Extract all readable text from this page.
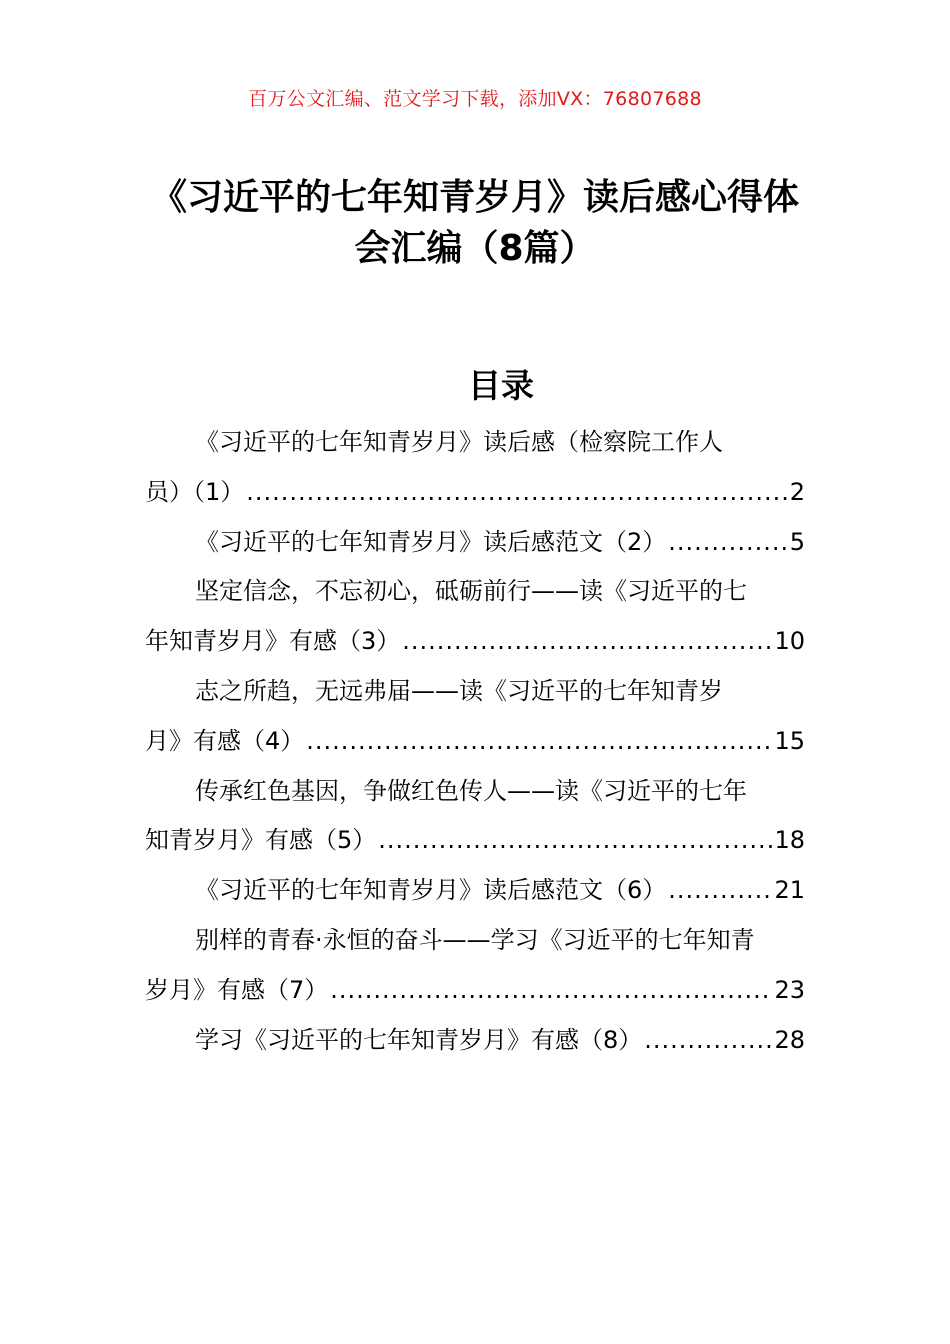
百万公文汇编、范文学习下载，添加VX：76807688
《习近平的七年知青岁月》读后感心得体
会汇编（8篇）
目录
《习近平的七年知青岁月》读后感（检察院工作人
员）（1） .....	2
《习近平的七年知青岁月》读后感范文（2） .....	5
坚定信念，不忘初心，砥砺前行——读《习近平的七
年知青岁月》有感（3） .....	10
志之所趋，无远弗届——读《习近平的七年知青岁
月》有感（4） .....	15
传承红色基因，争做红色传人——读《习近平的七年
知青岁月》有感（5） .....	18
《习近平的七年知青岁月》读后感范文（6） .....	21
别样的青春·永恒的奋斗——学习《习近平的七年知青
岁月》有感（7） .....	23
学习《习近平的七年知青岁月》有感（8） .....	28
